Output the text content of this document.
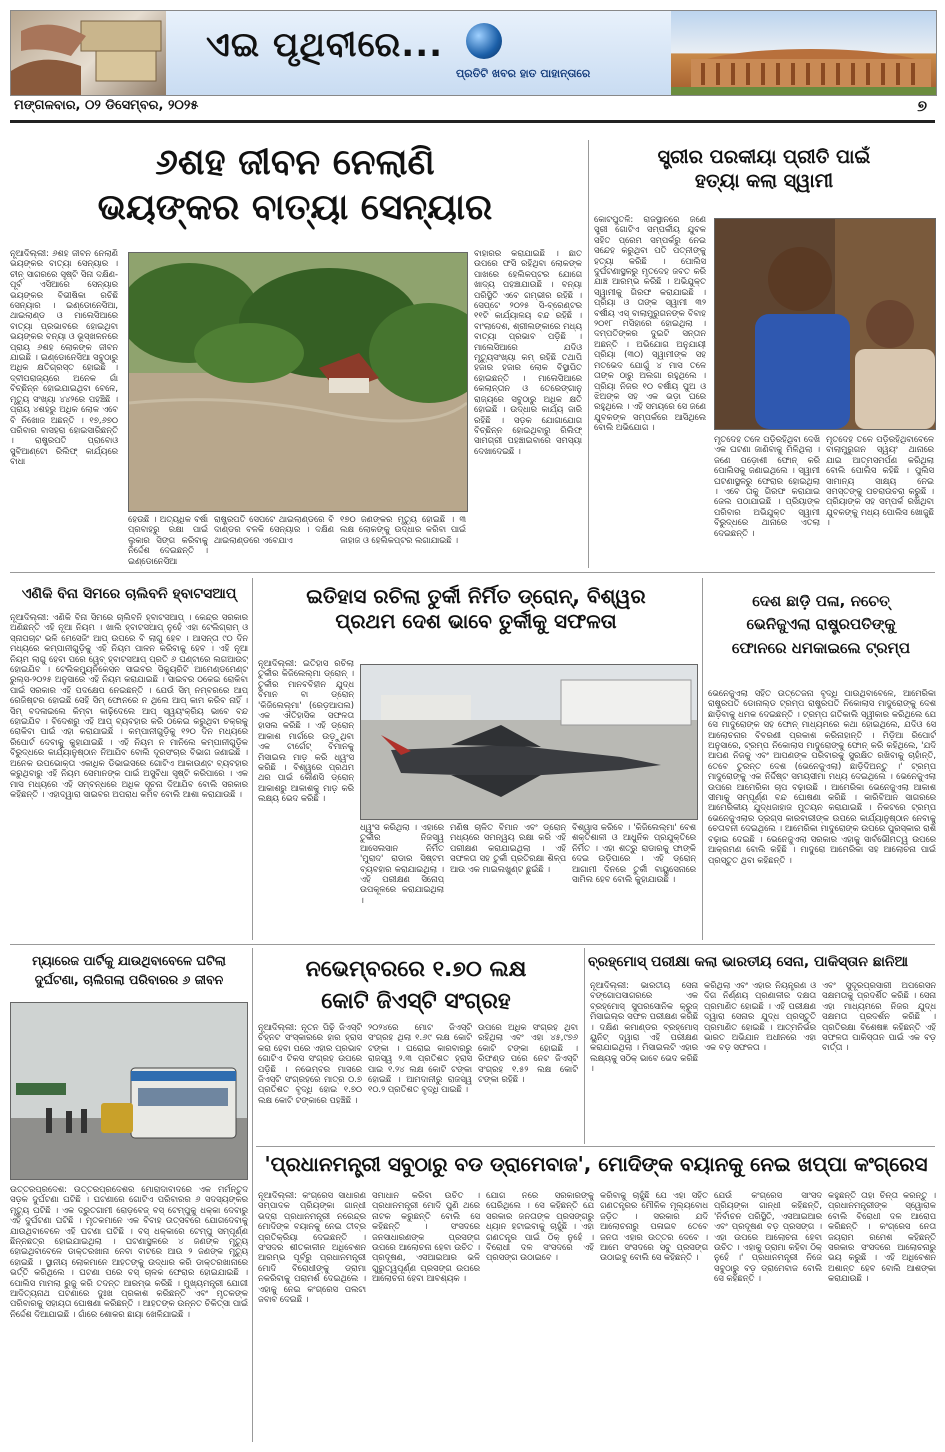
ଏଇ ପୃଥିବୀରେ...
ପ୍ରତିଟି ଖବର ହାତ ପାହାନ୍ତାରେ
ମଙ୍ଗଳବାର, ୦୨ ଡିସେମ୍ବର, ୨୦୨୫	୭
୬ଶହ ଜୀବନ ନେଲାଣି
ଭୟଙ୍କର ବାତ୍ୟା ସେନ୍ୟାର
ନୂଆଦିଲ୍ଲୀ: ୬ଶହ ଜୀବନ ନେଲାଣି ଭୟଙ୍କର ବାତ୍ୟା ସେନ୍ୟାର । ଚୀନ୍ ସାଗରରେ ସୃଷ୍ଟି ସିନା ଦକ୍ଷିଣ-ପୂର୍ବ ଏସିଆରେ ସେନ୍ୟାର ଭୟଙ୍କର ବିଭୀଷିକା ରଚିଛି ସେନ୍ୟାର । ଇଣ୍ଡୋନେସିଆ, ଥାଇଲାଣ୍ଡ ଓ ମାଲେସିଆରେ ବାତ୍ୟା ପ୍ରଭାବରେ ହୋଇଥିବା ଭୟଙ୍କର ବନ୍ୟା ଓ ଭୂସ୍ଖଳନରେ ପ୍ରାୟ ୬ଶହ ଲୋକଙ୍କ ଜୀବନ ଯାଇଛି । ଇଣ୍ଡୋନେସିଆ ସବୁଠାରୁ ଅଧିକ କ୍ଷତିଗ୍ରସ୍ତ ହୋଇଛି । ଦ୍ବୀପରାଜ୍ୟରେ ଅନେକ ଗାଁ ବିଚ୍ଛିନ୍ନ ହୋଇଯାଇଥିବା ବେଳେ, ମୃତ୍ୟୁ ସଂଖ୍ୟା ୪୪୨ରେ ପହଞ୍ଚିଛି । ପ୍ରାୟ ୪ଶହରୁ ଅଧିକ ଲୋକ ଏବେ ବି ନିଖୋଜ ଅଛନ୍ତି । ୧୭,୬୭୦ ପରିବାର ବାସହରା ହୋଇସାରିଛନ୍ତି । ରାଷ୍ଟ୍ରପତି ପ୍ରାବୋଓ ସୁବିଆଣ୍ଟୋ ରିଲିଫ୍ କାର୍ଯ୍ୟରେ ବାଧା
ହେଉଛି । ଅତ୍ୟଧିକ ବର୍ଷା ପ୍ରବାହରୁ ରକ୍ଷା ପାଇଁ ଲୁକାର ସିଙ୍ଗ କରିବାକୁ ନିର୍ଦ୍ଦେଶ ଦେଇଛନ୍ତି । ଇଣ୍ଡୋନେସିଆ
ରାଷ୍ଟ୍ରପତି ସେପଟେ ଥାଇଲାଣ୍ଡରେ ବି ଦାଣ୍ଡର ବଳକି ସେନ୍ୟାର । ଦକ୍ଷିଣ ଥାଇଲାଣ୍ଡରେ ଏବେଯାଏ
୧୭୦ ଜଣଙ୍କର ମୃତ୍ୟୁ ହୋଇଛି । ୩ ଲକ୍ଷ ଲୋକଙ୍କୁ ଉଦ୍ଧାର କରିବା ପାଇଁ ଜାହାଜ ଓ ହେଲିକପ୍ଟର ଲଗାଯାଇଛି ।
ବାହାରର କରାଯାଇଛି । ଛାତ ଉପରେ ଫସି ରହିଥିବା ଲୋକଙ୍କ ପାଖରେ ହେଲିକପ୍ଟର ଯୋଗେ ଖାଦ୍ୟ ପହଞ୍ଚାଯାଉଛି । ବନ୍ୟା ପରିସ୍ଥିତି ଏବେ ଗମ୍ଭୀର ରହିଛି । ସେପ୍ଟେ ୨୦୨୫ ସି-ବ୍ରେଣ୍ଟର ୧୧ଟି କାର୍ଯ୍ୟାଳୟ ବନ୍ଦ ରହିଛି । ବାଂଲାଦେଶ, ଶ୍ରୀଲଙ୍କାରେ ମଧ୍ୟ ବାତ୍ୟା ପ୍ରଭାବ ପଡ଼ିଛି । ମାଲେସିଆରେ ଯଦିଓ ମୃତ୍ୟୁସଂଖ୍ୟା କମ୍ ରହିଛି ତଥାପି ହଜାର ହଜାର ଲୋକ ବିସ୍ଥାପିତ ହୋଇଛନ୍ତି । ମାଲେସିଆରେ କେଲାନ୍ତାନ ଓ ତେରେଙ୍ଗାନୁ ରାଜ୍ୟରେ ସବୁଠାରୁ ଅଧିକ କ୍ଷତି ହୋଇଛି । ଉଦ୍ଧାର କାର୍ଯ୍ୟ ଜାରି ରହିଛି । ସଡ଼କ ଯୋଗାଯୋଗ ବିଚ୍ଛିନ୍ନ ହୋଇଥିବାରୁ ରିଲିଫ୍ ସାମଗ୍ରୀ ପହଞ୍ଚାଇବାରେ ସମସ୍ୟା ଦେଖାଦେଇଛି ।
ସ୍ତ୍ରୀର ପରକୀୟା ପ୍ରୀତି ପାଇଁ
ହତ୍ୟା କଲା ସ୍ୱାମୀ
କୋଟପୁତଳି: ରାଜସ୍ଥାନରେ ଜଣେ ସ୍ତ୍ରୀ ଗୋଟିଏ ସମ୍ପର୍କୀୟ ଯୁବକ ସହିତ ପ୍ରେମ ସମ୍ପର୍କରୁ ନେଇ ସନ୍ଦେହ କରୁଥିବା ପତି ପତ୍ନୀଙ୍କୁ ହତ୍ୟା କରିଛି । ପୋଲିସ ଦୁର୍ଘଟଣାସ୍ଥଳରୁ ମୃତଦେହ ଜବତ କରି ଯାଞ୍ଚ ଆରମ୍ଭ କରିଛି । ଅଭିଯୁକ୍ତ ସ୍ୱାମୀକୁ ଗିରଫ କରାଯାଇଛି । ପ୍ରିୟା ଓ ତାଙ୍କ ସ୍ୱାମୀ ୩୨ ବର୍ଷୀୟ ଏସ୍ ବାଲାମୁରୁଗନଙ୍କ ବିବାହ ୨୦୧୮ ମସିହାରେ ହୋଇଥିଲା । ଦମ୍ପତିଙ୍କର ଦୁଇଟି ସନ୍ତାନ ଅଛନ୍ତି । ଅଭିଯୋଗ ଅନୁଯାୟୀ ପ୍ରିୟା (୩୦) ସ୍ୱାମୀଙ୍କ ସହ ମତଭେଦ ଯୋଗୁଁ ୪ ମାସ ତଳେ ତାଙ୍କ ଠାରୁ ଅଲଗା ରହୁଥିଲେ । ପ୍ରିୟା ନିଜର ୧୦ ବର୍ଷୀୟ ପୁଅ ଓ ଝିଅଙ୍କ ସହ ଏକ ଭଡ଼ା ଘରେ ରହୁଥିଲେ । ଏହି ସମୟରେ ସେ ଜଣେ ଯୁବକଙ୍କ ସମ୍ପର୍କରେ ଆସିଥିଲେ ବୋଲି ଅଭିଯୋଗ ।
ମୃତଦେହ ତଳେ ପଡ଼ିରହିଥିବା ଦେଖି ଏକ ଘଟଣା ଜାଣିବାକୁ ମିଳିଥିଲା । ଜଣେ ପଡ଼ୋଶୀ ଫୋନ୍ କରି ପୋଲିସକୁ ଜଣାଇଥିଲେ । ସ୍ୱାମୀ ଘଟଣାସ୍ଥଳରୁ ଫେରାର ହୋଇଥିଲା । ଏବେ ତାକୁ ଗିରଫ କରାଯାଇ ଜେଲ ପଠାଯାଇଛି । ପ୍ରିୟାଙ୍କ ପରିବାର ଅଭିଯୁକ୍ତ ସ୍ୱାମୀ ବିରୁଦ୍ଧରେ ଥାନାରେ ଏତଲା ଦେଇଛନ୍ତି ।
ମୃତଦେହ ତଳେ ପଡ଼ିରହିଥିବାବେଳେ ବାଲାମୁରୁଗନ ସ୍ୱୟଂ ଥାନାରେ ଯାଇ ଆତ୍ମସମର୍ପଣ କରିଥିଲା ବୋଲି ପୋଲିସ କହିଛି । ପୁଲିସ ସାମାନ୍ୟ ସାକ୍ଷ୍ୟ ନେଇ ସମସ୍ତଙ୍କୁ ପଚରାଉଚରା କରୁଛି । ପ୍ରିୟାଙ୍କ ସହ ସମ୍ପର୍କ ରଖିଥିବା ଯୁବକଙ୍କୁ ମଧ୍ୟ ପୋଲିସ ଖୋଜୁଛି ।
ଏଣିକି ବିନା ସିମରେ ଚାଲିବନି ହ୍ବାଟସଆପ୍
ନୂଆଦିଲ୍ଲୀ: ଏଣିକି ବିନା ସିମରେ ଚାଲିବନି ହ୍ବାଟସଆପ୍ । କେନ୍ଦ୍ର ସରକାର ଅଣିଛନ୍ତି ଏହି ନୂଆ ନିୟମ । ଖାଲି ହ୍ବାଟସଆପ୍ ନୁହେଁ ଏହା ଟେଲିଗ୍ରାମ୍ ଓ ସ୍ନାପଚାଟ ଭଳି ମେସେଜିଂ ଆପ୍ ଉପରେ ବି ଲାଗୁ ହେବ । ଆସନ୍ତା ୯୦ ଦିନ ମଧ୍ୟରେ କମ୍ପାନୀଗୁଡ଼ିକୁ ଏହି ନିୟମ ପାଳନ କରିବାକୁ ହେବ । ଏହି ନୂଆ ନିୟମ ଲାଗୁ ହେବା ପରେ ୱେବ୍ ହ୍ବାଟସଆପ୍ ପ୍ରତି ୬ ଘଣ୍ଟାରେ ଲଗଆଉଟ୍ ହୋଇଯିବ । ଟେଲିକମ୍ୟୁନିକେସନ ସାଇବର ସିକ୍ୟୁରିଟି ଆମେଣ୍ଡମେଣ୍ଟ ରୁଲ୍ସ-୨୦୨୫ ଅନୁସାରେ ଏହି ନିୟମ କରାଯାଇଛି । ସାଇବର ଠକେଇ ରୋକିବା ପାଇଁ ସରକାର ଏହି ପଦକ୍ଷେପ ନେଇଛନ୍ତି । ଯେଉଁ ସିମ୍ ନମ୍ବରରେ ଆପ୍ ରେଜିଷ୍ଟର ହୋଇଛି ସେହି ସିମ୍ ଫୋନରେ ନ ଥିଲେ ଆପ୍ କାମ କରିବ ନାହିଁ । ସିମ୍ ବଦଳାଇଲେ କିମ୍ବା କାଢ଼ିଦେଲେ ଆପ୍ ସ୍ୱୟଂକ୍ରିୟ ଭାବେ ବନ୍ଦ ହୋଇଯିବ । ବିଦେଶରୁ ଏହି ଆପ୍ ବ୍ୟବହାର କରି ଠକେଇ କରୁଥିବା ଚକ୍ରକୁ ରୋକିବା ପାଇଁ ଏହା କରାଯାଇଛି । କମ୍ପାନୀଗୁଡ଼ିକୁ ୧୨୦ ଦିନ ମଧ୍ୟରେ ରିପୋର୍ଟ ଦେବାକୁ କୁହାଯାଇଛି । ଏହି ନିୟମ ନ ମାନିଲେ କମ୍ପାନୀଗୁଡ଼ିକ ବିରୁଦ୍ଧରେ କାର୍ଯ୍ୟାନୁଷ୍ଠାନ ନିଆଯିବ ବୋଲି ଦୂରସଂଚାର ବିଭାଗ ଜଣାଇଛି । ଅନେକ ଉପଭୋକ୍ତା ଏକାଧିକ ଡିଭାଇସରେ ଗୋଟିଏ ଆକାଉଣ୍ଟ ବ୍ୟବହାର କରୁଥିବାରୁ ଏହି ନିୟମ ସେମାନଙ୍କ ପାଇଁ ଅସୁବିଧା ସୃଷ୍ଟି କରିପାରେ । ଏକ ମାସ ମଧ୍ୟରେ ଏହି ସମ୍ବନ୍ଧରେ ଅଧିକ ସୂଚନା ଦିଆଯିବ ବୋଲି ସରକାର କହିଛନ୍ତି । ଏହାଦ୍ୱାରା ସାଇବର ଅପରାଧ କମିବ ବୋଲି ଆଶା କରାଯାଉଛି ।
ଇତିହାସ ରଚିଲା ତୁର୍କୀ ନିର୍ମିତ ଡ୍ରୋନ୍, ବିଶ୍ୱର
ପ୍ରଥମ ଦେଶ ଭାବେ ତୁର୍କୀକୁ ସଫଳତା
ନୂଆଦିଲ୍ଲୀ: ଇତିହାସ ରଚିଲା ତୁର୍କୀର କିଜିଲେଲ୍ମା ଡ୍ରୋନ୍ । ତୁର୍କୀର ମାନବବିହୀନ ଯୁଦ୍ଧ ବିମାନ ବା ଡ୍ରୋନ୍ 'କିଜିଲେଲ୍ମା' (ରେଡ଼ଆପଲ) ଏକ ଐତିହାସିକ ସଫଳତା ହାସଲ କରିଛି । ଏହି ଡ୍ରୋନ୍ ଆକାଶ ମାର୍ଗରେ ଉଡ଼ୁଥିବା ଏକ ଟାର୍ଗେଟ୍ ବିମାନକୁ ମିସାଇଲ ମାଡ଼ କରି ଧ୍ୱଂସ କରିଛି । ବିଶ୍ୱରେ ପ୍ରଥମ ଥର ପାଇଁ କୌଣସି ଡ୍ରୋନ୍ ଆକାଶରୁ ଆକାଶକୁ ମାଡ଼ କରି ଲକ୍ଷ୍ୟ ଭେଦ କରିଛି ।
ଧ୍ୱଂସ କରିଥିଲା । ଏହାରେ ତୁର୍କୀର ନିଜସ୍ୱ ଆସେଲସାନ ନିର୍ମିତ 'ମୁରାଦ' ରାଡାର ସିଷ୍ଟମ ବ୍ୟବହାର କରାଯାଇଥିଲା । ଏହି ପରୀକ୍ଷଣ ସିନୋପ୍ ଉପକୂଳରେ କରାଯାଇଥିଲା ।
ମଣିଷ ଚାଳିତ ବିମାନ ଏବଂ ଡ୍ରୋନ୍ ମଧ୍ୟରେ ସମନ୍ୱୟ ରକ୍ଷା କରି ଏହି ପରୀକ୍ଷଣ କରାଯାଇଥିଲା । ଏହି ସଫଳତା ସହ ତୁର୍କୀ ପ୍ରତିରକ୍ଷା ଶିଳ୍ପ ଆଉ ଏକ ମାଇଲଖୁଣ୍ଟ ଛୁଇଁଛି ।
ବିଶ୍ୱାସ କରିବେ । 'କିଜିଲେଲ୍ମା' ବେଶ ଶକ୍ତିଶାଳୀ ଓ ଆଧୁନିକ ପ୍ରଯୁକ୍ତିରେ ନିର୍ମିତ । ଏହା ଶତ୍ରୁ ରାଡାରକୁ ଫାଙ୍କି ଦେଇ ଉଡ଼ିପାରେ । ଏହି ଡ୍ରୋନ୍ ଆଗାମୀ ଦିନରେ ତୁର୍କୀ ବାୟୁସେନାରେ ସାମିଲ ହେବ ବୋଲି କୁହାଯାଉଛି ।
ଦେଶ ଛାଡ଼ି ପଳା, ନଚେତ୍
ଭେନିଜୁଏଲା ରାଷ୍ଟ୍ରପତିଙ୍କୁ
ଫୋନରେ ଧମକାଇଲେ ଟ୍ରମ୍ପ
ଭେନେଜୁଏଲା ସହିତ ଉତ୍ତେଜନା ବୃଦ୍ଧି ପାଉଥିବାବେଳେ, ଆମେରିକା ରାଷ୍ଟ୍ରପତି ଡୋନାଲ୍ଡ ଟ୍ରମ୍ପ ରାଷ୍ଟ୍ରପତି ନିକୋଲାସ ମାଦୁରୋଙ୍କୁ ଦେଶ ଛାଡ଼ିବାକୁ ଧମକ ଦେଇଛନ୍ତି । ଟ୍ରମ୍ପ ଗତିକାଲି ସ୍ୱୀକାର କରିଥିଲେ ଯେ ସେ ମାଦୁରୋଙ୍କ ସହ ଫୋନ୍ ମାଧ୍ୟମରେ କଥା ହୋଇଥିଲେ, ଯଦିଓ ସେ ଆଲୋଚନାର ବିବରଣୀ ପ୍ରକାଶ କରିନାହାନ୍ତି । ମିଡ଼ିଆ ରିପୋର୍ଟ ଅନୁସାରେ, ଟ୍ରମ୍ପ ନିକୋଲାସ ମାଦୁରୋଙ୍କୁ ଫୋନ୍ କରି କହିଥିଲେ, 'ଯଦି ଆପଣ ନିଜକୁ ଏବଂ ଆପଣଙ୍କ ପରିବାରକୁ ସୁରକ୍ଷିତ ରଖିବାକୁ ଚାହାଁନ୍ତି, ତେବେ ତୁରନ୍ତ ଦେଶ (ଭେନେଜୁଏଲା) ଛାଡ଼ିଦିଅନ୍ତୁ ।' ଟ୍ରମ୍ପ ମାଦୁରୋଙ୍କୁ ଏକ ନିର୍ଦ୍ଦିଷ୍ଟ ସମୟସୀମା ମଧ୍ୟ ଦେଇଥିଲେ । ଭେନେଜୁଏଲା ଉପରେ ଆମେରିକା ଚାପ ବଢ଼ାଉଛି । ଆମେରିକା ଭେନେଜୁଏଲା ଆକାଶ ସୀମାକୁ ସମ୍ପୂର୍ଣ୍ଣ ବନ୍ଦ ଘୋଷଣା କରିଛି । କାରିବିଆନ ସାଗରରେ ଆମେରିକୀୟ ଯୁଦ୍ଧଜାହାଜ ମୁତୟନ କରାଯାଇଛି । ନିକଟରେ ଟ୍ରମ୍ପ ଭେନେଜୁଏଲାର ଡ୍ରଗ୍ସ କାରବାରୀଙ୍କ ଉପରେ କାର୍ଯ୍ୟାନୁଷ୍ଠାନ ନେବାକୁ ଚେତାବନୀ ଦେଇଥିଲେ । ଆମେରିକା ମାଦୁରୋଙ୍କ ଉପରେ ପୁରସ୍କାର ରାଶି ବଢ଼ାଇ ଦେଇଛି । ଭେନେଜୁଏଲା ସରକାର ଏହାକୁ ସାର୍ବଭୌମତ୍ୱ ଉପରେ ଆକ୍ରମଣ ବୋଲି କହିଛି । ମାଦୁରୋ ଆମେରିକା ସହ ଆଲୋଚନା ପାଇଁ ପ୍ରସ୍ତୁତ ଥିବା କହିଛନ୍ତି ।
ମ୍ୟାରେଜ ପାର୍ଟିକୁ ଯାଉଥିବାବେଳେ ଘଟିଲା
ଦୁର୍ଘଟଣା, ଚାଲିଗଲା ପରିବାରର ୬ ଜୀବନ
ଉତ୍ତରପ୍ରଦେଶ: ଉତ୍ତରପ୍ରଦେଶର ମୋରାଦାବାଦରେ ଏକ ମର୍ମନ୍ତୁଦ ସଡ଼କ ଦୁର୍ଘଟଣା ଘଟିଛି । ଘଟଣାରେ ଗୋଟିଏ ପରିବାରର ୬ ସଦସ୍ୟଙ୍କର ମୃତ୍ୟୁ ଘଟିଛି । ଏକ ଦ୍ରୁତଗାମୀ ରୋଡ଼ବେଜ୍ ବସ୍ ଟେମ୍ପୁକୁ ଧକ୍କା ଦେବାରୁ ଏହି ଦୁର୍ଘଟଣା ଘଟିଛି । ମୃତକମାନେ ଏକ ବିବାହ ଉତ୍ସବରେ ଯୋଗଦେବାକୁ ଯାଉଥିବାବେଳେ ଏହି ଘଟଣା ଘଟିଛି । ବସ୍ ଧକ୍କାରେ ଟେମ୍ପୁ ସମ୍ପୂର୍ଣ୍ଣ ଛିନ୍ନଛତ୍ର ହୋଇଯାଇଥିଲା । ଘଟଣାସ୍ଥଳରେ ୪ ଜଣଙ୍କ ମୃତ୍ୟୁ ହୋଇଥିବାବେଳେ ଡାକ୍ତରଖାନା ନେବା ବାଟରେ ଆଉ ୨ ଜଣଙ୍କ ମୃତ୍ୟୁ ହୋଇଛି । ସ୍ଥାନୀୟ ଲୋକମାନେ ଆହତଙ୍କୁ ଉଦ୍ଧାର କରି ଡାକ୍ତରଖାନାରେ ଭର୍ତ୍ତି କରିଥିଲେ । ଘଟଣା ପରେ ବସ୍ ଚାଳକ ଫେରାର ହୋଇଯାଇଛି । ପୋଲିସ ମାମଲା ରୁଜୁ କରି ତଦନ୍ତ ଆରମ୍ଭ କରିଛି । ମୁଖ୍ୟମନ୍ତ୍ରୀ ଯୋଗୀ ଆଦିତ୍ୟନାଥ ଘଟଣାରେ ଦୁଃଖ ପ୍ରକାଶ କରିଛନ୍ତି ଏବଂ ମୃତକଙ୍କ ପରିବାରକୁ ସହାୟତା ଘୋଷଣା କରିଛନ୍ତି । ଆହତଙ୍କ ଉନ୍ନତ ଚିକିତ୍ସା ପାଇଁ ନିର୍ଦ୍ଦେଶ ଦିଆଯାଇଛି । ଗାଁରେ ଶୋକର ଛାୟା ଖେଳିଯାଇଛି ।
ନଭେମ୍ବରରେ ୧.୭୦ ଲକ୍ଷ
କୋଟି ଜିଏସ୍ଟି ସଂଗ୍ରହ
ନୂଆଦିଲ୍ଲୀ: ନୂତନ ପିଢ଼ି ଜିଏସ୍ଟି ଚିହ୍ନଟ ସଂସ୍କାରରେ ହାର ହ୍ରାସ କରା ହେବା ପରେ ଏହାର ପ୍ରଭାବ ଗୋଟିଏ ଟିକସ ସଂଗ୍ରହ ଉପରେ ପଡ଼ିଛି । ନଭେମ୍ବର ମାସରେ ଜିଏସ୍ଟି ସଂଗ୍ରହରେ ମାତ୍ର ୦.୭ ପ୍ରତିଶତ ବୃଦ୍ଧି ହୋଇ ୧.୭୦ ଲକ୍ଷ କୋଟି ଟଙ୍କାରେ ପହଞ୍ଚିଛି ।
୨୦୨୪ରେ ମୋଟ ଜିଏସ୍ଟି ସଂଗ୍ରହ ଥିଲା ୧.୬୯ ଲକ୍ଷ କୋଟି ଟଙ୍କା । ଘରୋଇ କାରବାରରୁ ରାଜସ୍ୱ ୨.୩ ପ୍ରତିଶତ ହ୍ରାସ ପାଇ ୧.୨୪ ଲକ୍ଷ କୋଟି ଟଙ୍କା ହୋଇଛି । ଆମଦାନୀରୁ ରାଜସ୍ୱ ୧୦.୨ ପ୍ରତିଶତ ବୃଦ୍ଧି ପାଇଛି ।
ଉପରେ ଅଧିକ ସଂଗ୍ରହ ଥିବା ରହିଥିଲା ଏବଂ ଏହା ୪୫,୯୭୬ କୋଟି ଟଙ୍କା ହୋଇଛି । ରିଫଣ୍ଡ ପରେ ନେଟ ଜିଏସ୍ଟି ସଂଗ୍ରହ ୧.୫୨ ଲକ୍ଷ କୋଟି ଟଙ୍କା ରହିଛି ।
ବ୍ରହ୍ମୋସ୍ ପରୀକ୍ଷା କଲା ଭାରତୀୟ ସେନା, ପାକିସ୍ତାନ ଛାନିଆ
ନୂଆଦିଲ୍ଲୀ: ଭାରତୀୟ ସେନା ବଙ୍ଗୋପସାଗରରେ ଏକ ବ୍ରହ୍ମୋସ୍ ସୁପରସୋନିକ କ୍ରୁଜ୍ ମିସାଇଲ୍ର ସଫଳ ପରୀକ୍ଷଣ କରିଛି । ଦକ୍ଷିଣ କମାଣ୍ଡର ବ୍ରହ୍ମୋସ୍ ୟୁନିଟ୍ ଦ୍ୱାରା ଏହି ପରୀକ୍ଷଣ କରାଯାଇଥିଲା । ମିସାଇଲଟି ଏହାର ଲକ୍ଷ୍ୟକୁ ସଠିକ୍ ଭାବେ ଭେଦ କରିଛି ।
କରିଥିଲା ଏବଂ ଏହାର ନିୟନ୍ତ୍ରଣ ଓ ଦିଗ ନିର୍ଣ୍ଣୟ ପ୍ରଣାଳୀର ଦକ୍ଷତା ପ୍ରମାଣିତ ହୋଇଛି । ଏହି ପରୀକ୍ଷଣ ଦ୍ୱାରା ସେନାର ଯୁଦ୍ଧ ପ୍ରସ୍ତୁତି ପ୍ରମାଣିତ ହୋଇଛି । ଆତ୍ମନିର୍ଭର ଭାରତ ଅଭିଯାନ ଅଧୀନରେ ଏହା ଏକ ବଡ଼ ସଫଳତା ।
ଏବଂ ସୁଦୂରପ୍ରସାରୀ ଅପରେସନ ସକ୍ଷମତାକୁ ପ୍ରଦର୍ଶିତ କରିଛି । ସେନା ଏହା ମାଧ୍ୟମରେ ନିଜର ଯୁଦ୍ଧ ସକ୍ଷମତା ପ୍ରଦର୍ଶନ କରିଛି । ପ୍ରତିରକ୍ଷା ବିଶେଷଜ୍ଞ କହିଛନ୍ତି ଏହି ସଫଳତା ପାକିସ୍ତାନ ପାଇଁ ଏକ ବଡ଼ ବାର୍ତ୍ତା ।
'ପ୍ରଧାନମନ୍ତ୍ରୀ ସବୁଠାରୁ ବଡ ଡ୍ରାମେବାଜ', ମୋଦିଙ୍କ ବୟାନକୁ ନେଇ ଖପ୍ପା କଂଗ୍ରେସ
ନୂଆଦିଲ୍ଲୀ: କଂଗ୍ରେସ ସାଧାରଣ ସମ୍ପାଦକ ପ୍ରିୟଙ୍କା ଗାନ୍ଧୀ ଭଦ୍ରା ପ୍ରଧାନମନ୍ତ୍ରୀ ନରେନ୍ଦ୍ର ମୋଦିଙ୍କ ବୟାନକୁ ନେଇ ତୀବ୍ର ପ୍ରତିକ୍ରିୟା ଦେଇଛନ୍ତି । ସଂସଦର ଶୀତକାଳୀନ ଅଧିବେଶନ ଆରମ୍ଭ ପୂର୍ବରୁ ପ୍ରଧାନମନ୍ତ୍ରୀ ମୋଦି ବିରୋଧୀଙ୍କୁ ଡ୍ରାମା ନକରିବାକୁ ପରାମର୍ଶ ଦେଇଥିଲେ । ଏହାକୁ ନେଇ କଂଗ୍ରେସ ପଲଟା ଜବାବ ଦେଇଛି ।
ସମାଧାନ କରିବା ଉଚିତ । ପ୍ରଧାନମନ୍ତ୍ରୀ ମୋଦି ପୁଣି ଥରେ ନାଟକ କରୁଛନ୍ତି ବୋଲି ସେ କହିଛନ୍ତି । ସଂସଦରେ ଜନସାଧାରଣଙ୍କ ପ୍ରସଙ୍ଗ ଉପରେ ଆଲୋଚନା ହେବା ଉଚିତ । ପ୍ରଦୂଷଣ, ଏସଆଇଆର ଭଳି ଗୁରୁତ୍ୱପୂର୍ଣ୍ଣ ପ୍ରସଙ୍ଗ ଉପରେ ଆଲୋଚନା ହେବା ଆବଶ୍ୟକ ।
ଯୋଗ ନରେ ସରକାରଙ୍କୁ ଘେରିଥିଲେ । ସେ କହିଛନ୍ତି ଯେ ସରକାର ଜନତାଙ୍କ ପ୍ରସଙ୍ଗରୁ ଧ୍ୟାନ ହଟାଇବାକୁ ଚାହୁଁଛି । ଏହା ଗଣତନ୍ତ୍ର ପାଇଁ ଠିକ୍ ନୁହେଁ । ବିରୋଧୀ ଦଳ ସଂସଦରେ ଏହି ପ୍ରସଙ୍ଗ ଉଠାଇବେ ।
କରିବାକୁ ଚାହୁଁଛି ଯେ ଏହା ସହିତ ଗଣତନ୍ତ୍ରର ମୌଳିକ ମୂଲ୍ୟବୋଧ ଜଡ଼ିତ । ସରକାର ଯଦି ଆଲୋଚନାରୁ ପଳାଇବ ତେବେ ଜନତା ଏହାର ଉତ୍ତର ଦେବେ । ଆମେ ସଂସଦରେ ସବୁ ପ୍ରସଙ୍ଗ ଉଠାଇବୁ ବୋଲି ସେ କହିଛନ୍ତି ।
ଯେଉଁ କଂଗ୍ରେସ ସାଂସଦ ପ୍ରିୟଙ୍କା ଗାନ୍ଧୀ କହିଛନ୍ତି, 'ନିର୍ବାଚନ ପରିସ୍ଥିତି, ଏସଆଇଆର ଏବଂ ପ୍ରଦୂଷଣ ବଡ଼ ପ୍ରସଙ୍ଗ । ଏହା ଉପରେ ଆଲୋଚନା ହେବା ଉଚିତ । ଏହାକୁ ଡ୍ରାମା କହିବା ଠିକ୍ ନୁହେଁ ।' ପ୍ରଧାନମନ୍ତ୍ରୀ ନିଜେ ସବୁଠାରୁ ବଡ଼ ଡ୍ରାମେବାଜ ବୋଲି ସେ କହିଛନ୍ତି ।
କହୁଛନ୍ତି ତାହା ଚିନ୍ତା କରନ୍ତୁ । ପ୍ରଧାନମନ୍ତ୍ରୀଙ୍କ ସ୍ୱୋରାକ ବୋଲି ବିରୋଧୀ ଦଳ ଆରୋପ କରିଛନ୍ତି । କଂଗ୍ରେସ ନେତା ଜୟରାମ ରମେଶ କହିଛନ୍ତି ସରକାର ସଂସଦରେ ଆଲୋଚନାରୁ ଭୟ କରୁଛି । ଏହି ଅଧିବେଶନ ଅଶାନ୍ତ ହେବ ବୋଲି ଆଶଙ୍କା କରାଯାଉଛି ।
